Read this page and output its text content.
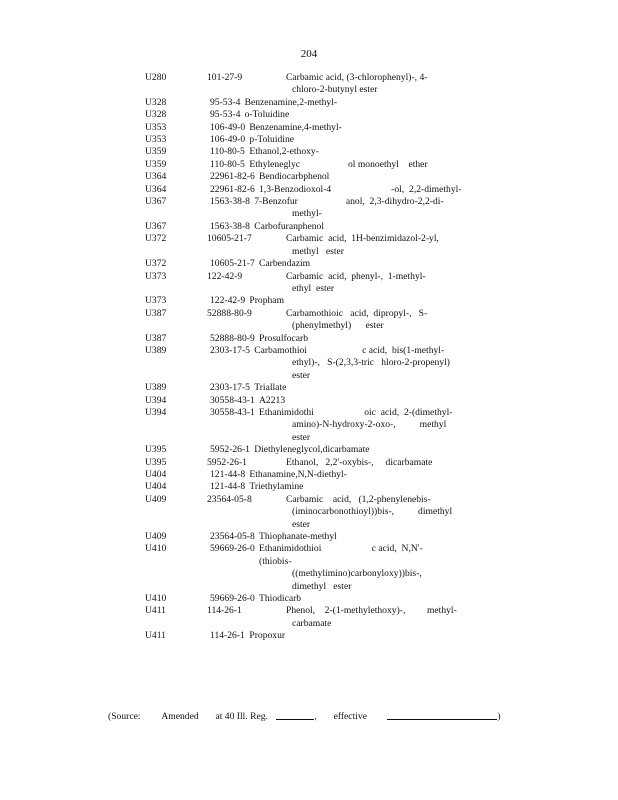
204
U280	101-27-9	Carbamic acid, (3-chlorophenyl)-, 4-
chloro-2-butynyl ester
U328	95-53-4 Benzenamine,2-methyl-
U328	95-53-4 o-Toluidine
U353	106-49-0 Benzenamine,4-methyl-
U353	106-49-0 p-Toluidine
U359	110-80-5 Ethanol,2-ethoxy-
U359	110-80-5 Ethyleneglyc                    ol monoethyl    ether
U364	22961-82-6 Bendiocarbphenol
U364	22961-82-6 1,3-Benzodioxol-4                         -ol,  2,2-dimethyl-
U367	1563-38-8 7-Benzofur                    anol,  2,3-dihydro-2,2-di-
methyl-
U367	1563-38-8 Carbofuranphenol
U372	10605-21-7	Carbamic  acid,  1H-benzimidazol-2-yl,
methyl   ester
U372	10605-21-7 Carbendazim
U373	122-42-9	Carbamic  acid,  phenyl-,  1-methyl-
ethyl  ester
U373	122-42-9 Propham
U387	52888-80-9	Carbamothioic   acid,  dipropyl-,   S-
(phenylmethyl)      ester
U387	52888-80-9 Prosulfocarb
U389	2303-17-5 Carbamothioi                       c acid,  bis(1-methyl-
ethyl)-,   S-(2,3,3-tric   hloro-2-propenyl)
ester
U389	2303-17-5 Triallate
U394	30558-43-1 A2213
U394	30558-43-1 Ethanimidothi                     oic  acid,  2-(dimethyl-
amino)-N-hydroxy-2-oxo-,          methyl
ester
U395	5952-26-1 Diethyleneglycol,dicarbamate
U395	5952-26-1	Ethanol,   2,2'-oxybis-,     dicarbamate
U404	121-44-8 Ethanamine,N,N-diethyl-
U404	121-44-8 Triethylamine
U409	23564-05-8	Carbamic    acid,   (1,2-phenylenebis-
(iminocarbonothioyl))bis-,          dimethyl
ester
U409	23564-05-8 Thiophanate-methyl
U410	59669-26-0 Ethanimidothioi                     c acid,  N,N'-   (thiobis-
((methylimino)carbonyloxy))bis-,
dimethyl   ester
U410	59669-26-0 Thiodicarb
U411	114-26-1	Phenol,    2-(1-methylethoxy)-,         methyl-
carbamate
U411	114-26-1 Propoxur
(Source: Amended at 40 Ill. Reg.	, effective	)
